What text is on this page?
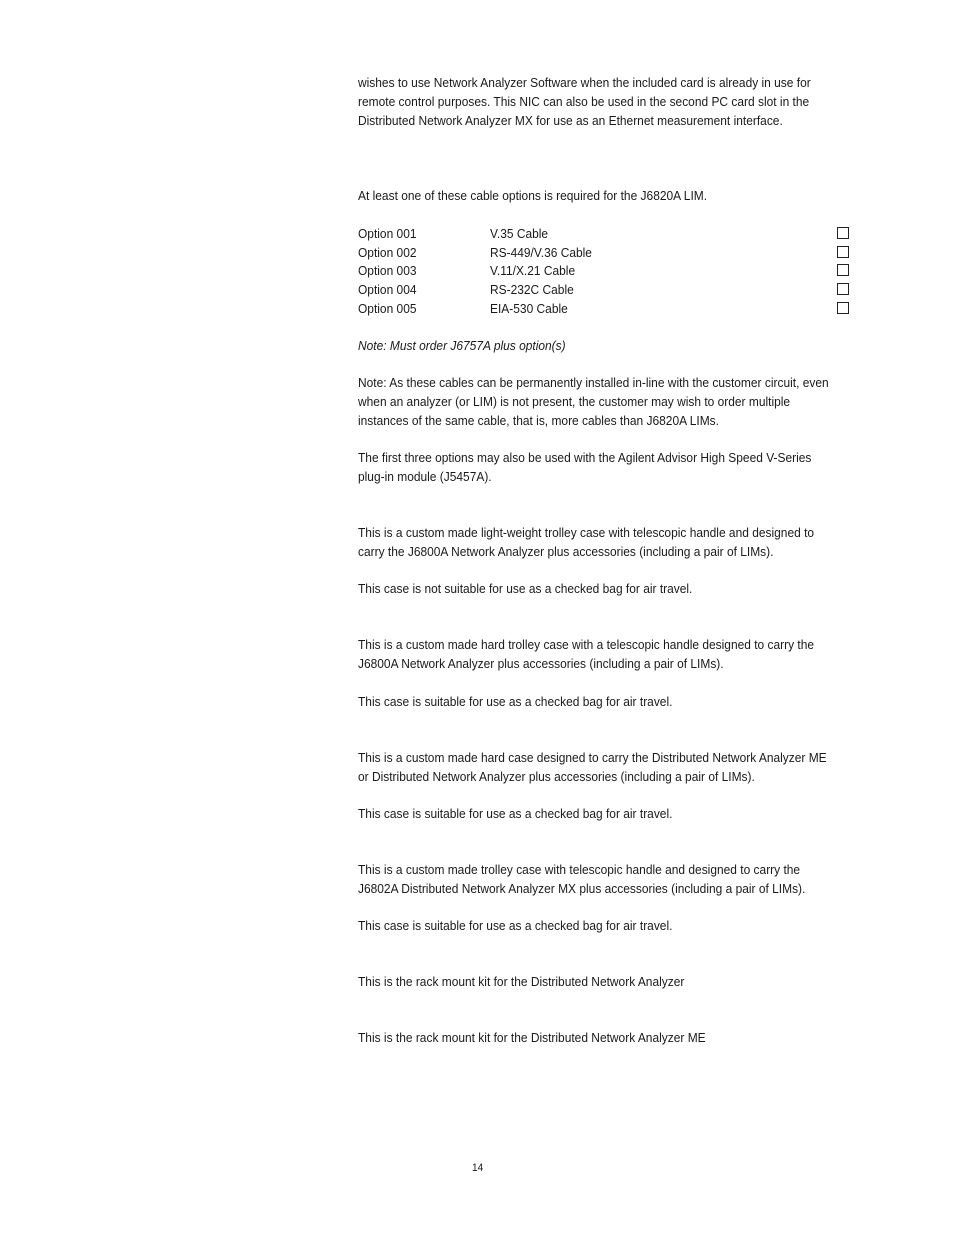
wishes to use Network Analyzer Software when the included card is already in use for
remote control purposes. This NIC can also be used in the second PC card slot in the
Distributed Network Analyzer MX for use as an Ethernet measurement interface.

At least one of these cable options is required for the J6820A LIM.

Option 001	V.35 Cable
Option 002	RS-449/V.36 Cable
Option 003	V.11/X.21 Cable
Option 004	RS-232C Cable
Option 005	EIA-530 Cable

Note: Must order J6757A plus option(s)

Note: As these cables can be permanently installed in-line with the customer circuit, even
when an analyzer (or LIM) is not present, the customer may wish to order multiple
instances of the same cable, that is, more cables than J6820A LIMs.

The first three options may also be used with the Agilent Advisor High Speed V-Series
plug-in module (J5457A).

This is a custom made light-weight trolley case with telescopic handle and designed to
carry the J6800A Network Analyzer plus accessories (including a pair of LIMs).

This case is not suitable for use as a checked bag for air travel.

This is a custom made hard trolley case with a telescopic handle designed to carry the
J6800A Network Analyzer plus accessories (including a pair of LIMs).

This case is suitable for use as a checked bag for air travel.

This is a custom made hard case designed to carry the Distributed Network Analyzer ME
or Distributed Network Analyzer plus accessories (including a pair of LIMs).

This case is suitable for use as a checked bag for air travel.

This is a custom made trolley case with telescopic handle and designed to carry the
J6802A Distributed Network Analyzer MX plus accessories (including a pair of LIMs).

This case is suitable for use as a checked bag for air travel.

This is the rack mount kit for the Distributed Network Analyzer

This is the rack mount kit for the Distributed Network Analyzer ME

14
